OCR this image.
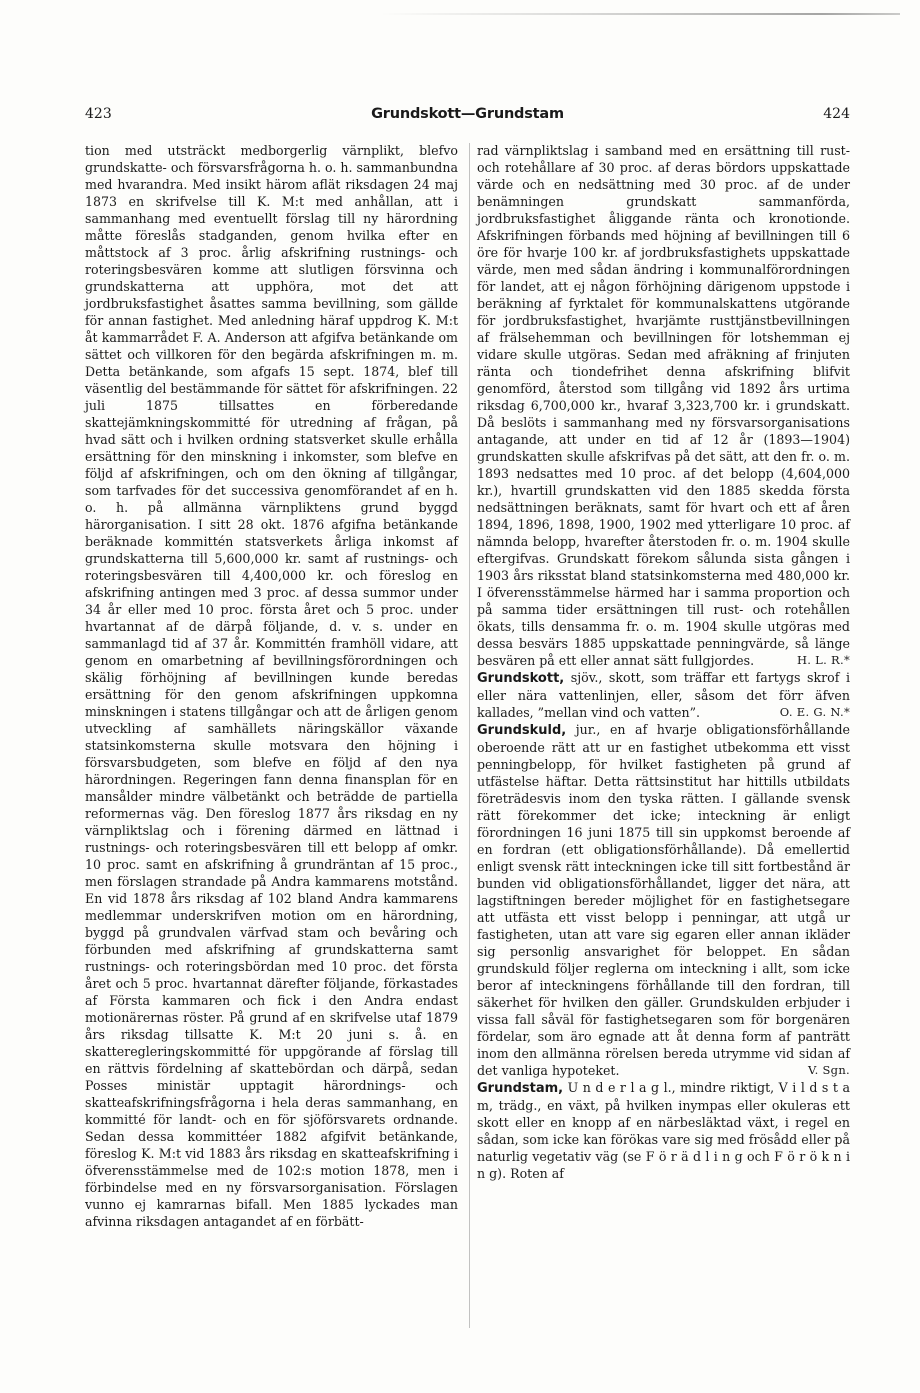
423	Grundskott—Grundstam	424

tion med utsträckt medborgerlig värnplikt, blefvo grundskatte- och försvarsfrågorna h. o. h. sammanbundna med hvarandra. Med insikt härom aflät riksdagen 24 maj 1873 en skrifvelse till K. M:t med anhållan, att i sammanhang med eventuellt förslag till ny härordning måtte föreslås stadganden, genom hvilka efter en måttstock af 3 proc. årlig afskrifning rustnings- och roteringsbesvären komme att slutligen försvinna och grundskatterna att upphöra, mot det att jordbruksfastighet åsattes samma bevillning, som gällde för annan fastighet. Med anledning häraf uppdrog K. M:t åt kammarrådet F. A. Anderson att afgifva betänkande om sättet och villkoren för den begärda afskrifningen m. m. Detta betänkande, som afgafs 15 sept. 1874, blef till väsentlig del bestämmande för sättet för afskrifningen. 22 juli 1875 tillsattes en förberedande skattejämkningskommitté för utredning af frågan, på hvad sätt och i hvilken ordning statsverket skulle erhålla ersättning för den minskning i inkomster, som blefve en följd af afskrifningen, och om den ökning af tillgångar, som tarfvades för det successiva genomförandet af en h. o. h. på allmänna värnpliktens grund byggd härorganisation. I sitt 28 okt. 1876 afgifna betänkande beräknade kommittén statsverkets årliga inkomst af grundskatterna till 5,600,000 kr. samt af rustnings- och roteringsbesvären till 4,400,000 kr. och föreslog en afskrifning antingen med 3 proc. af dessa summor under 34 år eller med 10 proc. första året och 5 proc. under hvartannat af de därpå följande, d. v. s. under en sammanlagd tid af 37 år. Kommittén framhöll vidare, att genom en omarbetning af bevillningsförordningen och skälig förhöjning af bevillningen kunde beredas ersättning för den genom afskrifningen uppkomna minskningen i statens tillgångar och att de årligen genom utveckling af samhällets näringskällor växande statsinkomsterna skulle motsvara den höjning i försvarsbudgeten, som blefve en följd af den nya härordningen. Regeringen fann denna finansplan för en mansålder mindre välbetänkt och beträdde de partiella reformernas väg. Den föreslog 1877 års riksdag en ny värnpliktslag och i förening därmed en lättnad i rustnings- och roteringsbesvären till ett belopp af omkr. 10 proc. samt en afskrifning å grundräntan af 15 proc., men förslagen strandade på Andra kammarens motstånd. En vid 1878 års riksdag af 102 bland Andra kammarens medlemmar underskrifven motion om en härordning, byggd på grundvalen värfvad stam och bevåring och förbunden med afskrifning af grundskatterna samt rustnings- och roteringsbördan med 10 proc. det första året och 5 proc. hvartannat därefter följande, förkastades af Första kammaren och fick i den Andra endast motionärernas röster. På grund af en skrifvelse utaf 1879 års riksdag tillsatte K. M:t 20 juni s. å. en skatteregleringskommitté för uppgörande af förslag till en rättvis fördelning af skattebördan och därpå, sedan Posses ministär upptagit härordnings- och skatteafskrifningsfrågorna i hela deras sammanhang, en kommitté för landt- och en för sjöförsvarets ordnande. Sedan dessa kommittéer 1882 afgifvit betänkande, föreslog K. M:t vid 1883 års riksdag en skatteafskrifning i öfverensstämmelse med de 102:s motion 1878, men i förbindelse med en ny försvarsorganisation. Förslagen vunno ej kamrarnas bifall. Men 1885 lyckades man afvinna riksdagen antagandet af en förbätt-

rad värnpliktslag i samband med en ersättning till rust- och rotehållare af 30 proc. af deras bördors uppskattade värde och en nedsättning med 30 proc. af de under benämningen grundskatt sammanförda, jordbruksfastighet åliggande ränta och kronotionde. Afskrifningen förbands med höjning af bevillningen till 6 öre för hvarje 100 kr. af jordbruksfastighets uppskattade värde, men med sådan ändring i kommunalförordningen för landet, att ej någon förhöjning därigenom uppstode i beräkning af fyrktalet för kommunalskattens utgörande för jordbruksfastighet, hvarjämte rusttjänstbevillningen af frälsehemman och bevillningen för lotshemman ej vidare skulle utgöras. Sedan med afräkning af frinjuten ränta och tiondefrihet denna afskrifning blifvit genomförd, återstod som tillgång vid 1892 års urtima riksdag 6,700,000 kr., hvaraf 3,323,700 kr. i grundskatt. Då beslöts i sammanhang med ny försvarsorganisations antagande, att under en tid af 12 år (1893—1904) grundskatten skulle afskrifvas på det sätt, att den fr. o. m. 1893 nedsattes med 10 proc. af det belopp (4,604,000 kr.), hvartill grundskatten vid den 1885 skedda första nedsättningen beräknats, samt för hvart och ett af åren 1894, 1896, 1898, 1900, 1902 med ytterligare 10 proc. af nämnda belopp, hvarefter återstoden fr. o. m. 1904 skulle eftergifvas. Grundskatt förekom sålunda sista gången i 1903 års riksstat bland statsinkomsterna med 480,000 kr. I öfverensstämmelse härmed har i samma proportion och på samma tider ersättningen till rust- och rotehållen ökats, tills densamma fr. o. m. 1904 skulle utgöras med dessa besvärs 1885 uppskattade penningvärde, så länge besvären på ett eller annat sätt fullgjordes.	H. L. R.*

Grundskott, sjöv., skott, som träffar ett fartygs skrof i eller nära vattenlinjen, eller, såsom det förr äfven kallades, ”mellan vind och vatten”.	O. E. G. N.*

Grundskuld, jur., en af hvarje obligationsförhållande oberoende rätt att ur en fastighet utbekomma ett visst penningbelopp, för hvilket fastigheten på grund af utfästelse häftar. Detta rättsinstitut har hittills utbildats företrädesvis inom den tyska rätten. I gällande svensk rätt förekommer det icke; inteckning är enligt förordningen 16 juni 1875 till sin uppkomst beroende af en fordran (ett obligationsförhållande). Då emellertid enligt svensk rätt inteckningen icke till sitt fortbestånd är bunden vid obligationsförhållandet, ligger det nära, att lagstiftningen bereder möjlighet för en fastighetsegare att utfästa ett visst belopp i penningar, att utgå ur fastigheten, utan att vare sig egaren eller annan ikläder sig personlig ansvarighet för beloppet. En sådan grundskuld följer reglerna om inteckning i allt, som icke beror af inteckningens förhållande till den fordran, till säkerhet för hvilken den gäller. Grundskulden erbjuder i vissa fall såväl för fastighetsegaren som för borgenären fördelar, som äro egnade att åt denna form af panträtt inom den allmänna rörelsen bereda utrymme vid sidan af det vanliga hypoteket.	V. Sgn.

Grundstam, U n d e r l a g l., mindre riktigt, V i l d s t a m, trädg., en växt, på hvilken inympas eller okuleras ett skott eller en knopp af en närbesläktad växt, i regel en sådan, som icke kan förökas vare sig med frösådd eller på naturlig vegetativ väg (se F ö r ä d l i n g och F ö r ö k n i n g). Roten af
